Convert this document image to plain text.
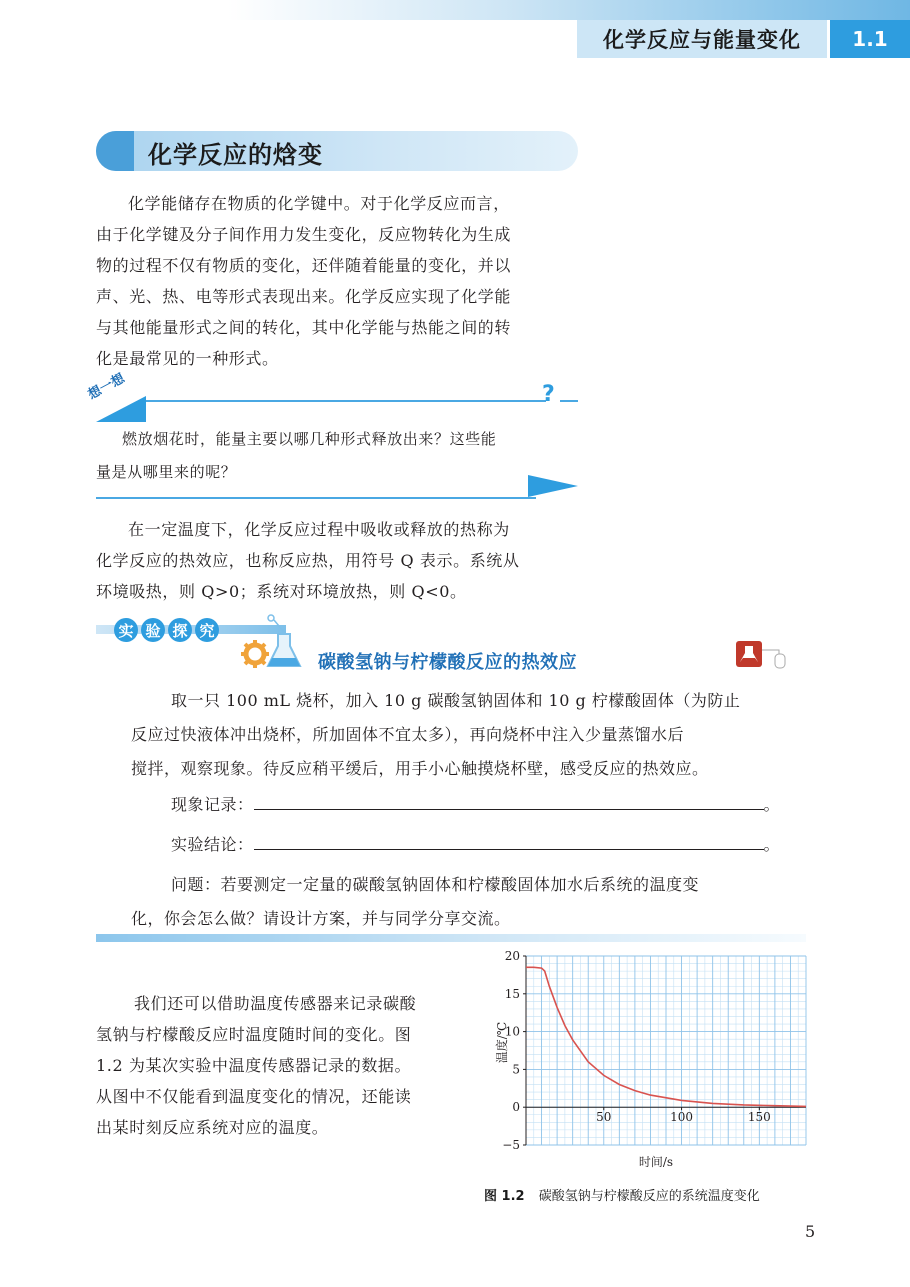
化学反应与能量变化	1.1
化学反应的焓变

化学能储存在物质的化学键中。对于化学反应而言，

由于化学键及分子间作用力发生变化，反应物转化为生成

物的过程不仅有物质的变化，还伴随着能量的变化，并以

声、光、热、电等形式表现出来。化学反应实现了化学能

与其他能量形式之间的转化，其中化学能与热能之间的转

化是最常见的一种形式。

想一想	?
燃放烟花时，能量主要以哪几种形式释放出来？这些能
量是从哪里来的呢？

在一定温度下，化学反应过程中吸收或释放的热称为

化学反应的热效应，也称反应热，用符号 Q 表示。系统从

环境吸热，则 Q>0；系统对环境放热，则 Q<0。

实 验 探 究
碳酸氢钠与柠檬酸反应的热效应
取一只 100 mL 烧杯，加入 10 g 碳酸氢钠固体和 10 g 柠檬酸固体（为防止
反应过快液体冲出烧杯，所加固体不宜太多），再向烧杯中注入少量蒸馏水后
搅拌，观察现象。待反应稍平缓后，用手小心触摸烧杯壁，感受反应的热效应。
现象记录：	。
实验结论：	。
问题：若要测定一定量的碳酸氢钠固体和柠檬酸固体加水后系统的温度变
化，你会怎么做？请设计方案，并与同学分享交流。

我们还可以借助温度传感器来记录碳酸

氢钠与柠檬酸反应时温度随时间的变化。图

1.2 为某次实验中温度传感器记录的数据。

从图中不仅能看到温度变化的情况，还能读

出某时刻反应系统对应的温度。

20
15
10
5
0
−5
50	100	150
温度/℃
时间/s
图 1.2 碳酸氢钠与柠檬酸反应的系统温度变化
5
